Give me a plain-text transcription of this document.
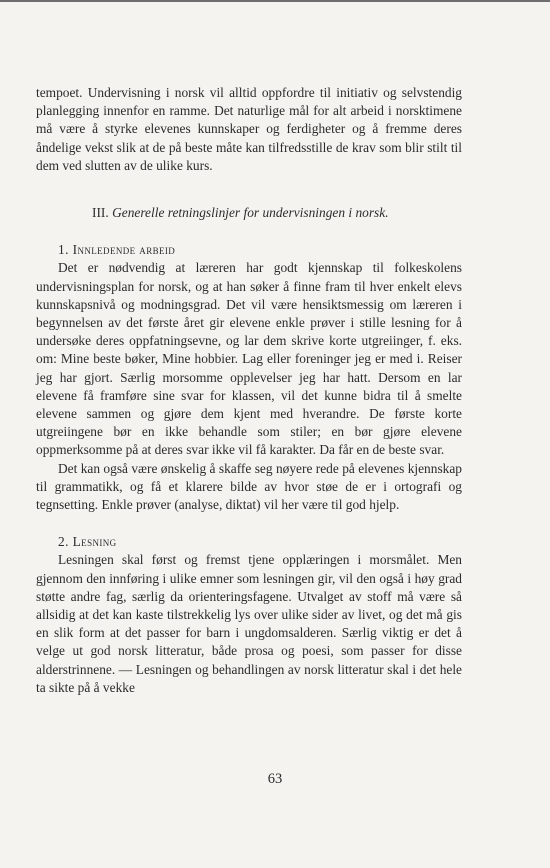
tempoet. Undervisning i norsk vil alltid oppfordre til initiativ og selvstendig planlegging innenfor en ramme. Det naturlige mål for alt arbeid i norsktimene må være å styrke elevenes kunnskaper og ferdigheter og å fremme deres åndelige vekst slik at de på beste måte kan tilfredsstille de krav som blir stilt til dem ved slutten av de ulike kurs.

III. Generelle retningslinjer for undervisningen i norsk.
1. Innledende arbeid

Det er nødvendig at læreren har godt kjennskap til folkeskolens undervisningsplan for norsk, og at han søker å finne fram til hver enkelt elevs kunnskapsnivå og modningsgrad. Det vil være hensiktsmessig om læreren i begynnelsen av det første året gir elevene enkle prøver i stille lesning for å undersøke deres oppfatningsevne, og lar dem skrive korte utgreiinger, f. eks. om: Mine beste bøker, Mine hobbier. Lag eller foreninger jeg er med i. Reiser jeg har gjort. Særlig morsomme opplevelser jeg har hatt. Dersom en lar elevene få framføre sine svar for klassen, vil det kunne bidra til å smelte elevene sammen og gjøre dem kjent med hverandre. De første korte utgreiingene bør en ikke behandle som stiler; en bør gjøre elevene oppmerksomme på at deres svar ikke vil få karakter. Da får en de beste svar.

Det kan også være ønskelig å skaffe seg nøyere rede på elevenes kjennskap til grammatikk, og få et klarere bilde av hvor støe de er i ortografi og tegnsetting. Enkle prøver (analyse, diktat) vil her være til god hjelp.

2. Lesning

Lesningen skal først og fremst tjene opplæringen i morsmålet. Men gjennom den innføring i ulike emner som lesningen gir, vil den også i høy grad støtte andre fag, særlig da orienteringsfagene. Utvalget av stoff må være så allsidig at det kan kaste tilstrekkelig lys over ulike sider av livet, og det må gis en slik form at det passer for barn i ungdomsalderen. Særlig viktig er det å velge ut god norsk litteratur, både prosa og poesi, som passer for disse alderstrinnene. — Lesningen og behandlingen av norsk litteratur skal i det hele ta sikte på å vekke

63
